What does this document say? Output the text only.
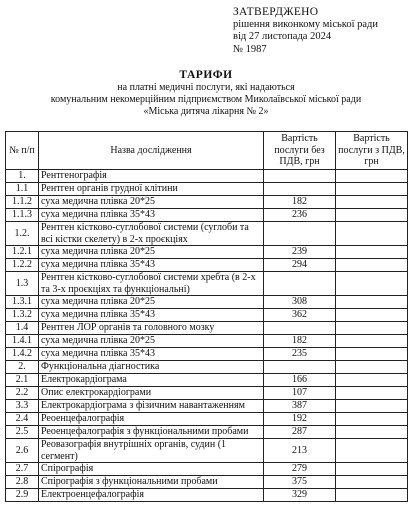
ЗАТВЕРДЖЕНО
рішення виконкому міської ради
від 27 листопада 2024
№ 1987
ТАРИФИ
на платні медичні послуги, які надаються
комунальним некомерційним підприємством Миколаївської міської ради
«Міська дитяча лікарня № 2»
№ п/п	Назва дослідження	Вартість послуги без ПДВ, грн	Вартість послуги з ПДВ, грн
1.	Рентгенографія		
1.1	Рентген органів грудної клітини		
1.1.2	суха медична плівка 20*25	182	
1.1.3	суха медична плівка 35*43	236	
1.2.	Рентген кістково-суглобової системи (суглоби та всі кістки скелету) в 2-х проєкціях		
1.2.1	суха медична плівка 20*25	239	
1.2.2	суха медична плівка 35*43	294	
1.3	Рентген кістково-суглобової системи хребта (в 2-х та 3-х проєкціях та функціональні)		
1.3.1	суха медична плівка 20*25	308	
1.3.2	суха медична плівка 35*43	362	
1.4	Рентген ЛОР органів та головного мозку		
1.4.1	суха медична плівка 20*25	182	
1.4.2	суха медична плівка 35*43	235	
2.	Функціональна діагностика		
2.1	Електрокардіограма	166	
2.2	Опис електрокардіограми	107	
3.3	Електрокардіограма з фізичним навантаженням	387	
2.4	Реоенцефалографія	192	
2.5	Реоенцефалографія з функціональними пробами	287	
2.6	Реовазографія внутрішніх органів, судин (1 сегмент)	213	
2.7	Спірографія	279	
2.8	Спірографія з функціональними пробами	375	
2.9	Електроенцефалографія	329	
